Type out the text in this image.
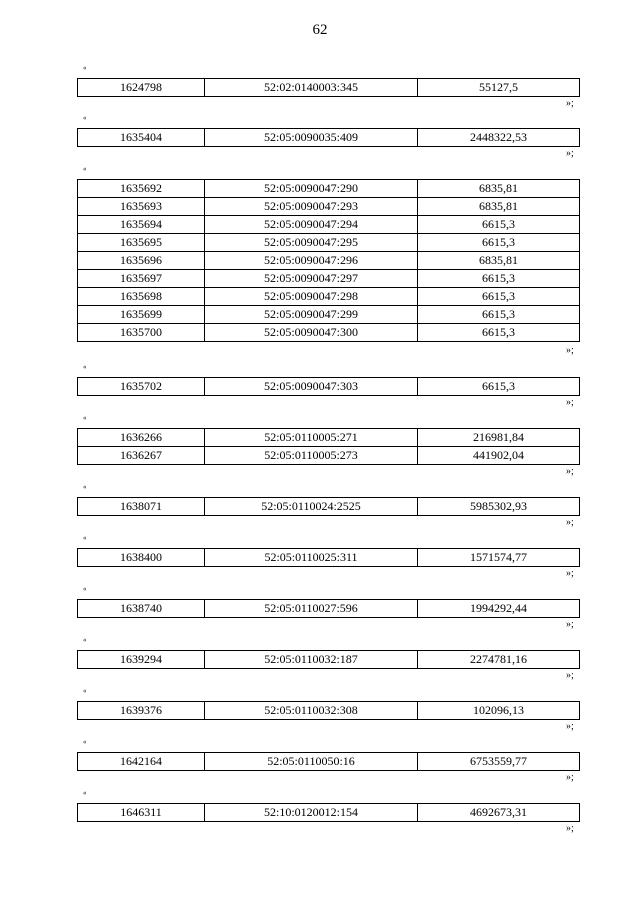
62
«
1624798	52:02:0140003:345	55127,5
»;
«
1635404	52:05:0090035:409	2448322,53
»;
«
1635692	52:05:0090047:290	6835,81
1635693	52:05:0090047:293	6835,81
1635694	52:05:0090047:294	6615,3
1635695	52:05:0090047:295	6615,3
1635696	52:05:0090047:296	6835,81
1635697	52:05:0090047:297	6615,3
1635698	52:05:0090047:298	6615,3
1635699	52:05:0090047:299	6615,3
1635700	52:05:0090047:300	6615,3
»;
«
1635702	52:05:0090047:303	6615,3
»;
«
1636266	52:05:0110005:271	216981,84
1636267	52:05:0110005:273	441902,04
»;
«
1638071	52:05:0110024:2525	5985302,93
»;
«
1638400	52:05:0110025:311	1571574,77
»;
«
1638740	52:05:0110027:596	1994292,44
»;
«
1639294	52:05:0110032:187	2274781,16
»;
«
1639376	52:05:0110032:308	102096,13
»;
«
1642164	52:05:0110050:16	6753559,77
»;
«
1646311	52:10:0120012:154	4692673,31
»;
